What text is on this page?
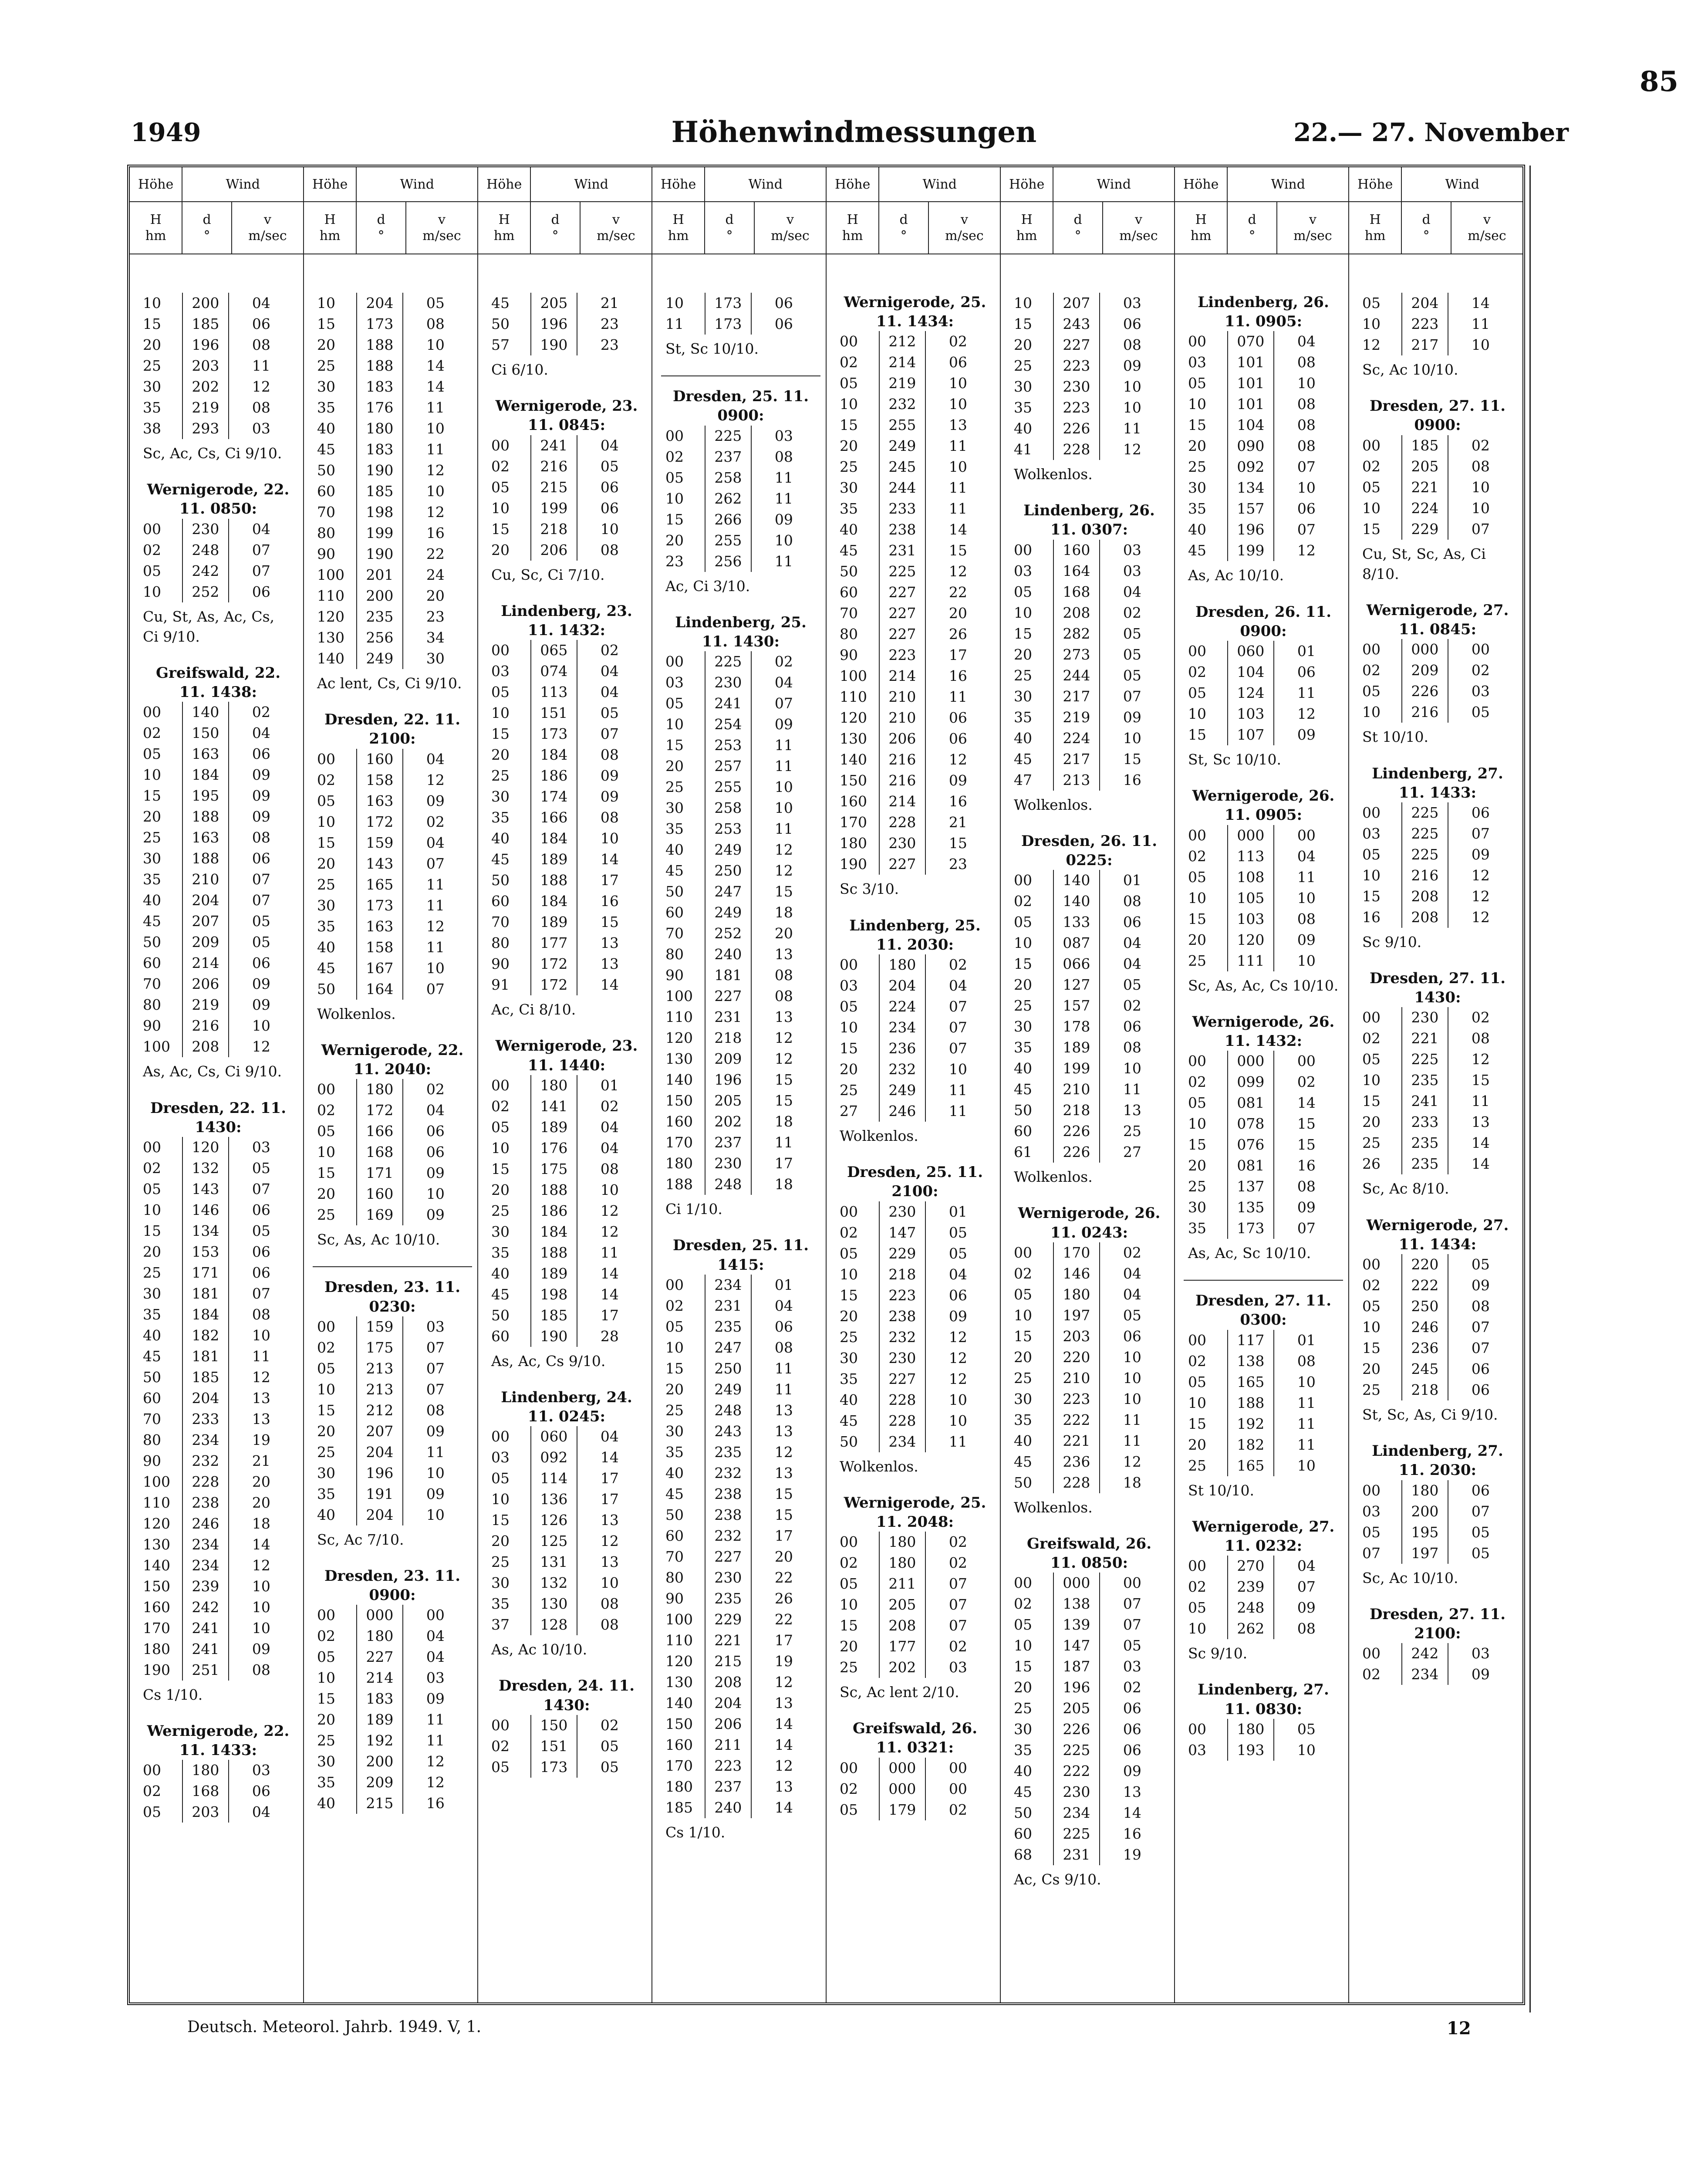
85
1949	Höhenwindmessungen	22.— 27. November
Höhe	Wind
H
hm
d
°
v
m/sec
10	200	04
15	185	06
20	196	08
25	203	11
30	202	12
35	219	08
38	293	03
Sc, Ac, Cs, Ci 9/10.
Wernigerode, 22. 11. 0850:
00	230	04
02	248	07
05	242	07
10	252	06
Cu, St, As, Ac, Cs, Ci 9/10.
Greifswald, 22. 11. 1438:
00	140	02
02	150	04
05	163	06
10	184	09
15	195	09
20	188	09
25	163	08
30	188	06
35	210	07
40	204	07
45	207	05
50	209	05
60	214	06
70	206	09
80	219	09
90	216	10
100	208	12
As, Ac, Cs, Ci 9/10.
Dresden, 22. 11. 1430:
00	120	03
02	132	05
05	143	07
10	146	06
15	134	05
20	153	06
25	171	06
30	181	07
35	184	08
40	182	10
45	181	11
50	185	12
60	204	13
70	233	13
80	234	19
90	232	21
100	228	20
110	238	20
120	246	18
130	234	14
140	234	12
150	239	10
160	242	10
170	241	10
180	241	09
190	251	08
Cs 1/10.
Wernigerode, 22. 11. 1433:
00	180	03
02	168	06
05	203	04
Höhe	Wind
H
hm
d
°
v
m/sec
10	204	05
15	173	08
20	188	10
25	188	14
30	183	14
35	176	11
40	180	10
45	183	11
50	190	12
60	185	10
70	198	12
80	199	16
90	190	22
100	201	24
110	200	20
120	235	23
130	256	34
140	249	30
Ac lent, Cs, Ci 9/10.
Dresden, 22. 11. 2100:
00	160	04
02	158	12
05	163	09
10	172	02
15	159	04
20	143	07
25	165	11
30	173	11
35	163	12
40	158	11
45	167	10
50	164	07
Wolkenlos.
Wernigerode, 22. 11. 2040:
00	180	02
02	172	04
05	166	06
10	168	06
15	171	09
20	160	10
25	169	09
Sc, As, Ac 10/10.
Dresden, 23. 11. 0230:
00	159	03
02	175	07
05	213	07
10	213	07
15	212	08
20	207	09
25	204	11
30	196	10
35	191	09
40	204	10
Sc, Ac 7/10.
Dresden, 23. 11. 0900:
00	000	00
02	180	04
05	227	04
10	214	03
15	183	09
20	189	11
25	192	11
30	200	12
35	209	12
40	215	16
Höhe	Wind
H
hm
d
°
v
m/sec
45	205	21
50	196	23
57	190	23
Ci 6/10.
Wernigerode, 23. 11. 0845:
00	241	04
02	216	05
05	215	06
10	199	06
15	218	10
20	206	08
Cu, Sc, Ci 7/10.
Lindenberg, 23. 11. 1432:
00	065	02
03	074	04
05	113	04
10	151	05
15	173	07
20	184	08
25	186	09
30	174	09
35	166	08
40	184	10
45	189	14
50	188	17
60	184	16
70	189	15
80	177	13
90	172	13
91	172	14
Ac, Ci 8/10.
Wernigerode, 23. 11. 1440:
00	180	01
02	141	02
05	189	04
10	176	04
15	175	08
20	188	10
25	186	12
30	184	12
35	188	11
40	189	14
45	198	14
50	185	17
60	190	28
As, Ac, Cs 9/10.
Lindenberg, 24. 11. 0245:
00	060	04
03	092	14
05	114	17
10	136	17
15	126	13
20	125	12
25	131	13
30	132	10
35	130	08
37	128	08
As, Ac 10/10.
Dresden, 24. 11. 1430:
00	150	02
02	151	05
05	173	05
Höhe	Wind
H
hm
d
°
v
m/sec
10	173	06
11	173	06
St, Sc 10/10.
Dresden, 25. 11. 0900:
00	225	03
02	237	08
05	258	11
10	262	11
15	266	09
20	255	10
23	256	11
Ac, Ci 3/10.
Lindenberg, 25. 11. 1430:
00	225	02
03	230	04
05	241	07
10	254	09
15	253	11
20	257	11
25	255	10
30	258	10
35	253	11
40	249	12
45	250	12
50	247	15
60	249	18
70	252	20
80	240	13
90	181	08
100	227	08
110	231	13
120	218	12
130	209	12
140	196	15
150	205	15
160	202	18
170	237	11
180	230	17
188	248	18
Ci 1/10.
Dresden, 25. 11. 1415:
00	234	01
02	231	04
05	235	06
10	247	08
15	250	11
20	249	11
25	248	13
30	243	13
35	235	12
40	232	13
45	238	15
50	238	15
60	232	17
70	227	20
80	230	22
90	235	26
100	229	22
110	221	17
120	215	19
130	208	12
140	204	13
150	206	14
160	211	14
170	223	12
180	237	13
185	240	14
Cs 1/10.
Höhe	Wind
H
hm
d
°
v
m/sec
Wernigerode, 25. 11. 1434:
00	212	02
02	214	06
05	219	10
10	232	10
15	255	13
20	249	11
25	245	10
30	244	11
35	233	11
40	238	14
45	231	15
50	225	12
60	227	22
70	227	20
80	227	26
90	223	17
100	214	16
110	210	11
120	210	06
130	206	06
140	216	12
150	216	09
160	214	16
170	228	21
180	230	15
190	227	23
Sc 3/10.
Lindenberg, 25. 11. 2030:
00	180	02
03	204	04
05	224	07
10	234	07
15	236	07
20	232	10
25	249	11
27	246	11
Wolkenlos.
Dresden, 25. 11. 2100:
00	230	01
02	147	05
05	229	05
10	218	04
15	223	06
20	238	09
25	232	12
30	230	12
35	227	12
40	228	10
45	228	10
50	234	11
Wolkenlos.
Wernigerode, 25. 11. 2048:
00	180	02
02	180	02
05	211	07
10	205	07
15	208	07
20	177	02
25	202	03
Sc, Ac lent 2/10.
Greifswald, 26. 11. 0321:
00	000	00
02	000	00
05	179	02
Höhe	Wind
H
hm
d
°
v
m/sec
10	207	03
15	243	06
20	227	08
25	223	09
30	230	10
35	223	10
40	226	11
41	228	12
Wolkenlos.
Lindenberg, 26. 11. 0307:
00	160	03
03	164	03
05	168	04
10	208	02
15	282	05
20	273	05
25	244	05
30	217	07
35	219	09
40	224	10
45	217	15
47	213	16
Wolkenlos.
Dresden, 26. 11. 0225:
00	140	01
02	140	08
05	133	06
10	087	04
15	066	04
20	127	05
25	157	02
30	178	06
35	189	08
40	199	10
45	210	11
50	218	13
60	226	25
61	226	27
Wolkenlos.
Wernigerode, 26. 11. 0243:
00	170	02
02	146	04
05	180	04
10	197	05
15	203	06
20	220	10
25	210	10
30	223	10
35	222	11
40	221	11
45	236	12
50	228	18
Wolkenlos.
Greifswald, 26. 11. 0850:
00	000	00
02	138	07
05	139	07
10	147	05
15	187	03
20	196	02
25	205	06
30	226	06
35	225	06
40	222	09
45	230	13
50	234	14
60	225	16
68	231	19
Ac, Cs 9/10.
Höhe	Wind
H
hm
d
°
v
m/sec
Lindenberg, 26. 11. 0905:
00	070	04
03	101	08
05	101	10
10	101	08
15	104	08
20	090	08
25	092	07
30	134	10
35	157	06
40	196	07
45	199	12
As, Ac 10/10.
Dresden, 26. 11. 0900:
00	060	01
02	104	06
05	124	11
10	103	12
15	107	09
St, Sc 10/10.
Wernigerode, 26. 11. 0905:
00	000	00
02	113	04
05	108	11
10	105	10
15	103	08
20	120	09
25	111	10
Sc, As, Ac, Cs 10/10.
Wernigerode, 26. 11. 1432:
00	000	00
02	099	02
05	081	14
10	078	15
15	076	15
20	081	16
25	137	08
30	135	09
35	173	07
As, Ac, Sc 10/10.
Dresden, 27. 11. 0300:
00	117	01
02	138	08
05	165	10
10	188	11
15	192	11
20	182	11
25	165	10
St 10/10.
Wernigerode, 27. 11. 0232:
00	270	04
02	239	07
05	248	09
10	262	08
Sc 9/10.
Lindenberg, 27. 11. 0830:
00	180	05
03	193	10
Höhe	Wind
H
hm
d
°
v
m/sec
05	204	14
10	223	11
12	217	10
Sc, Ac 10/10.
Dresden, 27. 11. 0900:
00	185	02
02	205	08
05	221	10
10	224	10
15	229	07
Cu, St, Sc, As, Ci 8/10.
Wernigerode, 27. 11. 0845:
00	000	00
02	209	02
05	226	03
10	216	05
St 10/10.
Lindenberg, 27. 11. 1433:
00	225	06
03	225	07
05	225	09
10	216	12
15	208	12
16	208	12
Sc 9/10.
Dresden, 27. 11. 1430:
00	230	02
02	221	08
05	225	12
10	235	15
15	241	11
20	233	13
25	235	14
26	235	14
Sc, Ac 8/10.
Wernigerode, 27. 11. 1434:
00	220	05
02	222	09
05	250	08
10	246	07
15	236	07
20	245	06
25	218	06
St, Sc, As, Ci 9/10.
Lindenberg, 27. 11. 2030:
00	180	06
03	200	07
05	195	05
07	197	05
Sc, Ac 10/10.
Dresden, 27. 11. 2100:
00	242	03
02	234	09
Deutsch. Meteorol. Jahrb. 1949. V, 1.	12
